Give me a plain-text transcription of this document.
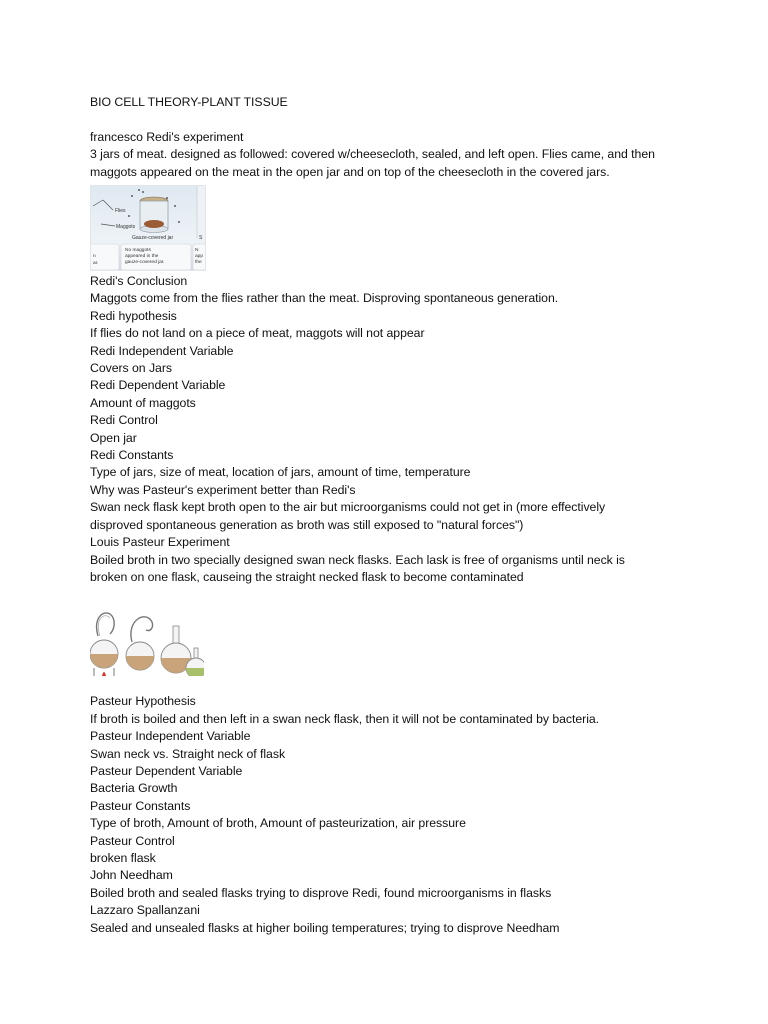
BIO CELL THEORY-PLANT TISSUE
francesco Redi's experiment
3 jars of meat. designed as followed: covered w/cheesecloth, sealed, and left open. Flies came, and then
maggots appeared on the meat in the open jar and on top of the cheesecloth in the covered jars.
Flies
Maggots
Gauze-covered jar	S
n
ar.
No maggots
appeared in the
gauze-covered jar.
N
app
the
Redi's Conclusion
Maggots come from the flies rather than the meat. Disproving spontaneous generation.
Redi hypothesis
If flies do not land on a piece of meat, maggots will not appear
Redi Independent Variable
Covers on Jars
Redi Dependent Variable
Amount of maggots
Redi Control
Open jar
Redi Constants
Type of jars, size of meat, location of jars, amount of time, temperature
Why was Pasteur's experiment better than Redi's
Swan neck flask kept broth open to the air but microorganisms could not get in (more effectively
disproved spontaneous generation as broth was still exposed to "natural forces")
Louis Pasteur Experiment
Boiled broth in two specially designed swan neck flasks. Each lask is free of organisms until neck is
broken on one flask, causeing the straight necked flask to become contaminated
Pasteur Hypothesis
If broth is boiled and then left in a swan neck flask, then it will not be contaminated by bacteria.
Pasteur Independent Variable
Swan neck vs. Straight neck of flask
Pasteur Dependent Variable
Bacteria Growth
Pasteur Constants
Type of broth, Amount of broth, Amount of pasteurization, air pressure
Pasteur Control
broken flask
John Needham
Boiled broth and sealed flasks trying to disprove Redi, found microorganisms in flasks
Lazzaro Spallanzani
Sealed and unsealed flasks at higher boiling temperatures; trying to disprove Needham
